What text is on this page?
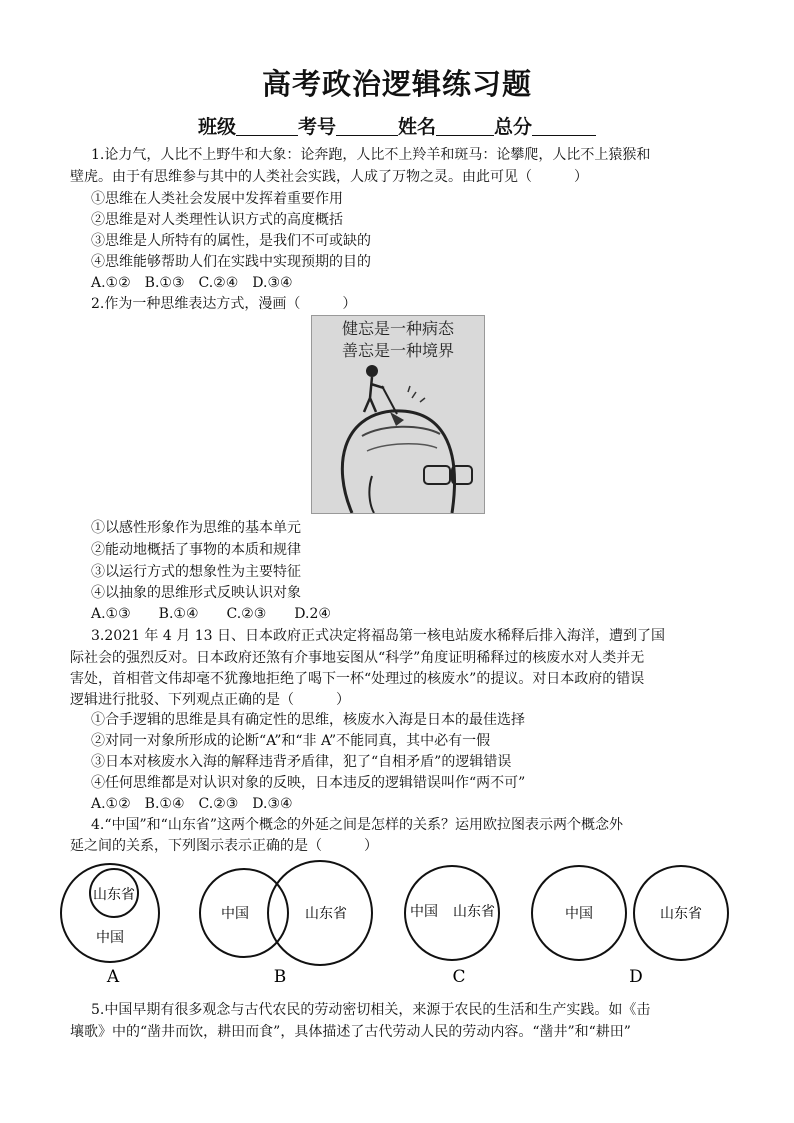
高考政治逻辑练习题
班级	考号	姓名	总分
1.论力气，人比不上野牛和大象：论奔跑，人比不上羚羊和斑马：论攀爬，人比不上猿猴和
壁虎。由于有思维参与其中的人类社会实践，人成了万物之灵。由此可见（　　　）
①思维在人类社会发展中发挥着重要作用
②思维是对人类理性认识方式的高度概括
③思维是人所特有的属性，是我们不可或缺的
④思维能够帮助人们在实践中实现预期的目的
A.①②　B.①③　C.②④　D.③④
2.作为一种思维表达方式，漫画（　　　）
健忘是一种病态
善忘是一种境界
①以感性形象作为思维的基本单元
②能动地概括了事物的本质和规律
③以运行方式的想象性为主要特征
④以抽象的思维形式反映认识对象
A.①③　　B.①④　　C.②③　　D.2④
3.2021 年 4 月 13 日、日本政府正式决定将福岛第一核电站废水稀释后排入海洋，遭到了国
际社会的强烈反对。日本政府还煞有介事地妄图从“科学”角度证明稀释过的核废水对人类并无
害处，首相菅文伟却毫不犹豫地拒绝了喝下一杯“处理过的核废水”的提议。对日本政府的错误
逻辑进行批驳、下列观点正确的是（　　　）
①合手逻辑的思维是具有确定性的思维，核废水入海是日本的最佳选择
②对同一对象所形成的论断“A”和“非 A”不能同真，其中必有一假
③日本对核废水入海的解释违背矛盾律，犯了“自相矛盾”的逻辑错误
④任何思维都是对认识对象的反映，日本违反的逻辑错误叫作“两不可”
A.①②　B.①④　C.②③　D.③④
4.“中国”和“山东省”这两个概念的外延之间是怎样的关系？运用欧拉图表示两个概念外
延之间的关系，下列图示表示正确的是（　　　）
山东省
中国
A
中国	山东省
B
中国 山东省
C
中国	山东省
D
5.中国早期有很多观念与古代农民的劳动密切相关，来源于农民的生活和生产实践。如《击
壤歌》中的“凿井而饮，耕田而食”，具体描述了古代劳动人民的劳动内容。“凿井”和“耕田”
